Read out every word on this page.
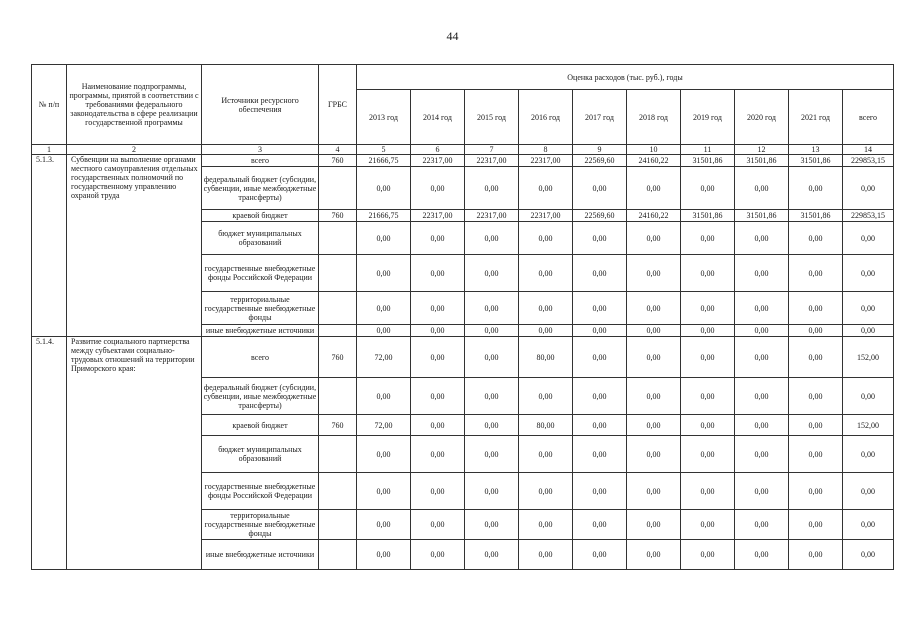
44
№ п/п	Наименование подпрограммы, программы, приятой в соответствии с требованиями федерального законодательства в сфере реализации государственной программы	Источники ресурсного обеспечения	ГРБС	Оценка расходов (тыс. руб.), годы									
				2013 год	2014 год	2015 год	2016 год	2017 год	2018 год	2019 год	2020 год	2021 год	всего
1	2	3	4	5	6	7	8	9	10	11	12	13	14
5.1.3.	Субвенции на выполнение органами местного самоуправления отдельных государственных полномочий по государственному управлению охраной труда	всего	760	21666,75	22317,00	22317,00	22317,00	22569,60	24160,22	31501,86	31501,86	31501,86	229853,15
		федеральный бюджет (субсидии, субвенции, иные межбюджетные трансферты)		0,00	0,00	0,00	0,00	0,00	0,00	0,00	0,00	0,00	0,00
		краевой бюджет	760	21666,75	22317,00	22317,00	22317,00	22569,60	24160,22	31501,86	31501,86	31501,86	229853,15
		бюджет муниципальных образований		0,00	0,00	0,00	0,00	0,00	0,00	0,00	0,00	0,00	0,00
		государственные внебюджетные фонды Российской Федерации		0,00	0,00	0,00	0,00	0,00	0,00	0,00	0,00	0,00	0,00
		территориальные государственные внебюджетные фонды		0,00	0,00	0,00	0,00	0,00	0,00	0,00	0,00	0,00	0,00
		иные внебюджетные источники		0,00	0,00	0,00	0,00	0,00	0,00	0,00	0,00	0,00	0,00
5.1.4.	Развитие социального партнерства между субъектами социально-трудовых отношений на территории Приморского края:	всего	760	72,00	0,00	0,00	80,00	0,00	0,00	0,00	0,00	0,00	152,00
		федеральный бюджет (субсидии, субвенции, иные межбюджетные трансферты)		0,00	0,00	0,00	0,00	0,00	0,00	0,00	0,00	0,00	0,00
		краевой бюджет	760	72,00	0,00	0,00	80,00	0,00	0,00	0,00	0,00	0,00	152,00
		бюджет муниципальных образований		0,00	0,00	0,00	0,00	0,00	0,00	0,00	0,00	0,00	0,00
		государственные внебюджетные фонды Российской Федерации		0,00	0,00	0,00	0,00	0,00	0,00	0,00	0,00	0,00	0,00
		территориальные государственные внебюджетные фонды		0,00	0,00	0,00	0,00	0,00	0,00	0,00	0,00	0,00	0,00
		иные внебюджетные источники		0,00	0,00	0,00	0,00	0,00	0,00	0,00	0,00	0,00	0,00
